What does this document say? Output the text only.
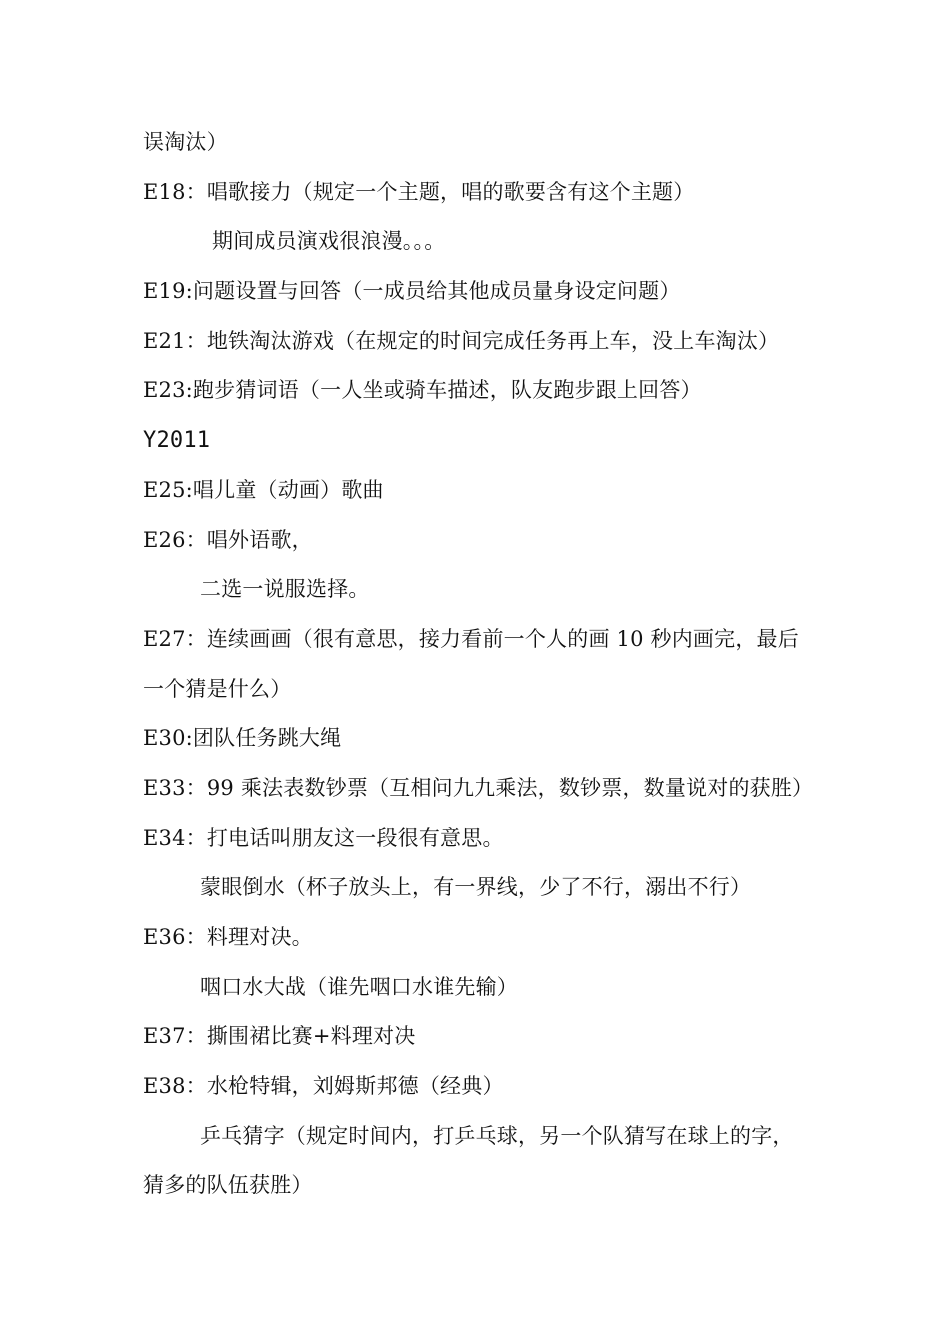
误淘汰）
E18：唱歌接力（规定一个主题，唱的歌要含有这个主题）
期间成员演戏很浪漫。。。
E19:问题设置与回答（一成员给其他成员量身设定问题）
E21：地铁淘汰游戏（在规定的时间完成任务再上车，没上车淘汰）
E23:跑步猜词语（一人坐或骑车描述，队友跑步跟上回答）
Y2011
E25:唱儿童（动画）歌曲
E26：唱外语歌，
二选一说服选择。
E27：连续画画（很有意思，接力看前一个人的画 10 秒内画完，最后
一个猜是什么）
E30:团队任务跳大绳
E33：99 乘法表数钞票（互相问九九乘法，数钞票，数量说对的获胜）
E34：打电话叫朋友这一段很有意思。
蒙眼倒水（杯子放头上，有一界线，少了不行，溺出不行）
E36：料理对决。
咽口水大战（谁先咽口水谁先输）
E37：撕围裙比赛+料理对决
E38：水枪特辑，刘姆斯邦德（经典）
乒乓猜字（规定时间内，打乒乓球，另一个队猜写在球上的字，
猜多的队伍获胜）
